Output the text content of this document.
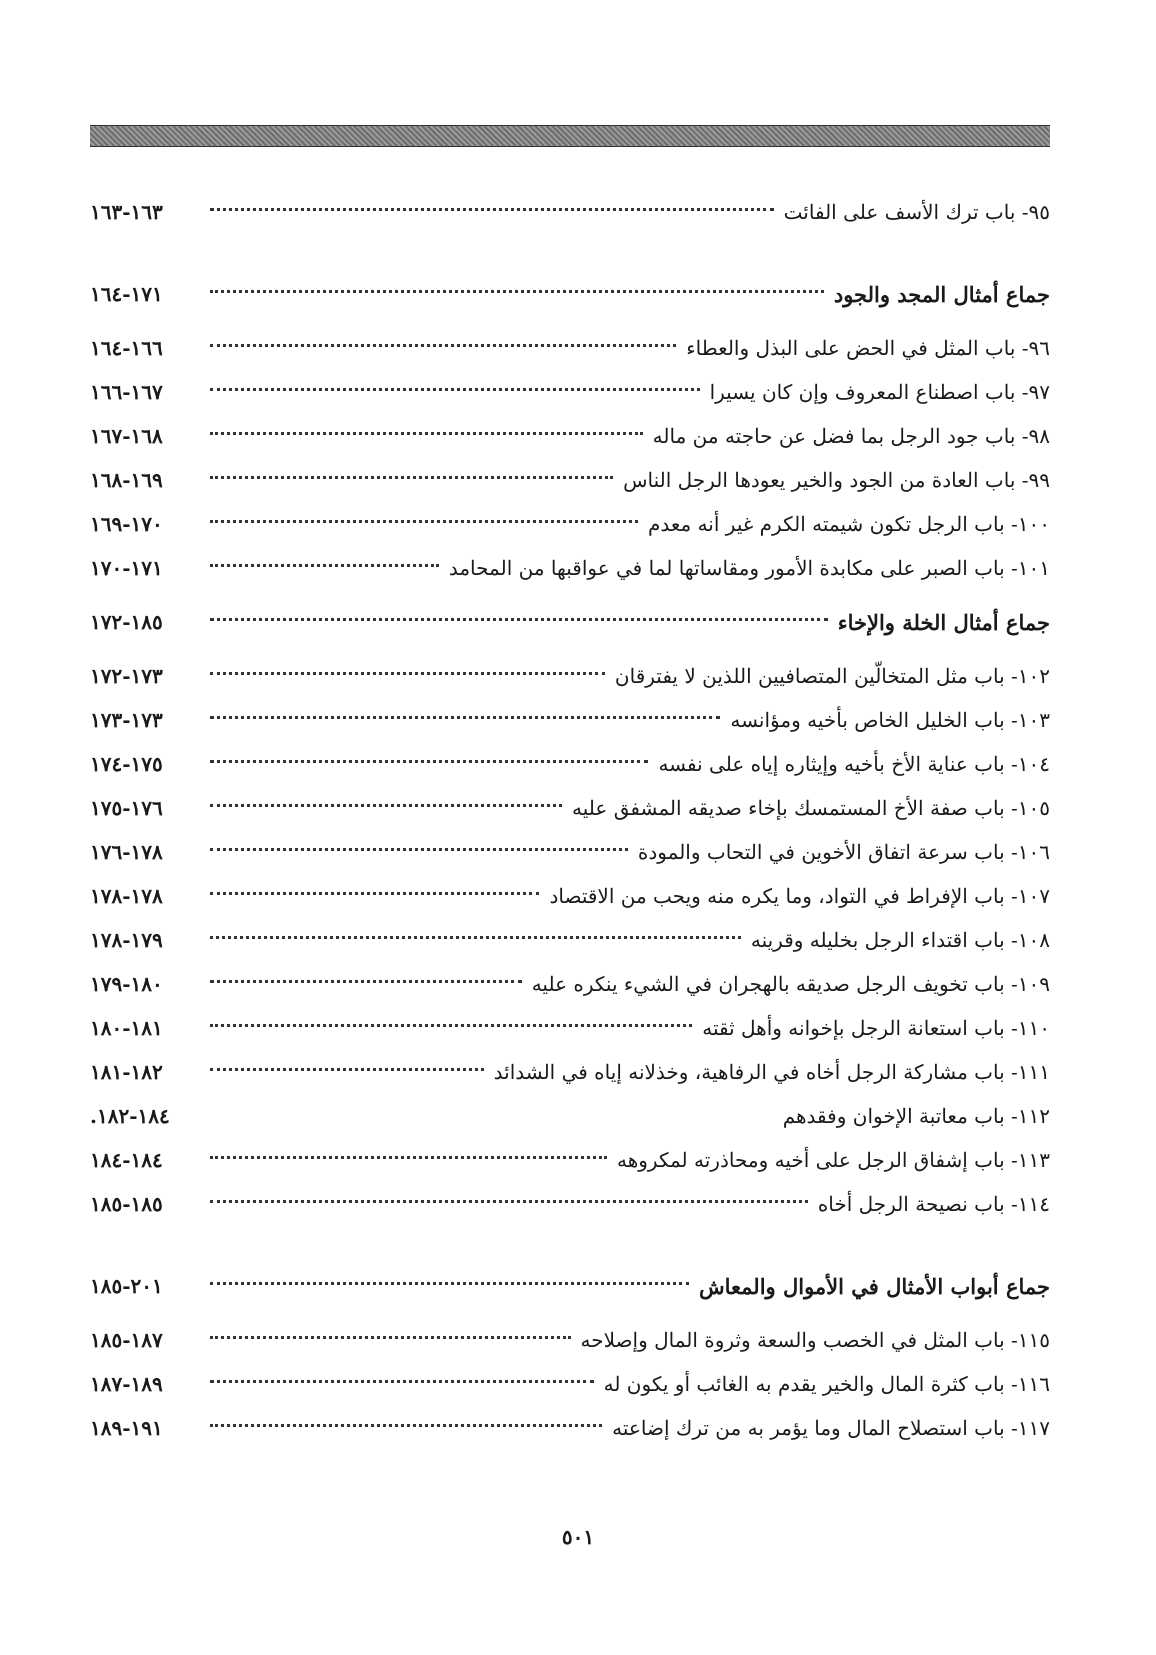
٩٥- باب ترك الأسف على الفائت
١٦٣-١٦٣
جماع أمثال المجد والجود
١٧١-١٦٤
٩٦- باب المثل في الحض على البذل والعطاء
١٦٦-١٦٤
٩٧- باب اصطناع المعروف وإن كان يسيرا
١٦٧-١٦٦
٩٨- باب جود الرجل بما فضل عن حاجته من ماله
١٦٨-١٦٧
٩٩- باب العادة من الجود والخير يعودها الرجل الناس
١٦٩-١٦٨
١٠٠- باب الرجل تكون شيمته الكرم غير أنه معدم
١٧٠-١٦٩
١٠١- باب الصبر على مكابدة الأمور ومقاساتها لما في عواقبها من المحامد
١٧١-١٧٠
جماع أمثال الخلة والإخاء
١٨٥-١٧٢
١٠٢- باب مثل المتخالّين المتصافيين اللذين لا يفترقان
١٧٣-١٧٢
١٠٣- باب الخليل الخاص بأخيه ومؤانسه
١٧٣-١٧٣
١٠٤- باب عناية الأخ بأخيه وإيثاره إياه على نفسه
١٧٥-١٧٤
١٠٥- باب صفة الأخ المستمسك بإخاء صديقه المشفق عليه
١٧٦-١٧٥
١٠٦- باب سرعة اتفاق الأخوين في التحاب والمودة
١٧٨-١٧٦
١٠٧- باب الإفراط في التواد، وما يكره منه ويحب من الاقتصاد
١٧٨-١٧٨
١٠٨- باب اقتداء الرجل بخليله وقرينه
١٧٩-١٧٨
١٠٩- باب تخويف الرجل صديقه بالهجران في الشيء ينكره عليه
١٨٠-١٧٩
١١٠- باب استعانة الرجل بإخوانه وأهل ثقته
١٨١-١٨٠
١١١- باب مشاركة الرجل أخاه في الرفاهية، وخذلانه إياه في الشدائد
١٨٢-١٨١
١١٢- باب معاتبة الإخوان وفقدهم
.١٨٤-١٨٢
١١٣- باب إشفاق الرجل على أخيه ومحاذرته لمكروهه
١٨٤-١٨٤
١١٤- باب نصيحة الرجل أخاه
١٨٥-١٨٥
جماع أبواب الأمثال في الأموال والمعاش
٢٠١-١٨٥
١١٥- باب المثل في الخصب والسعة وثروة المال وإصلاحه
١٨٧-١٨٥
١١٦- باب كثرة المال والخير يقدم به الغائب أو يكون له
١٨٩-١٨٧
١١٧- باب استصلاح المال وما يؤمر به من ترك إضاعته
١٩١-١٨٩
٥٠١
